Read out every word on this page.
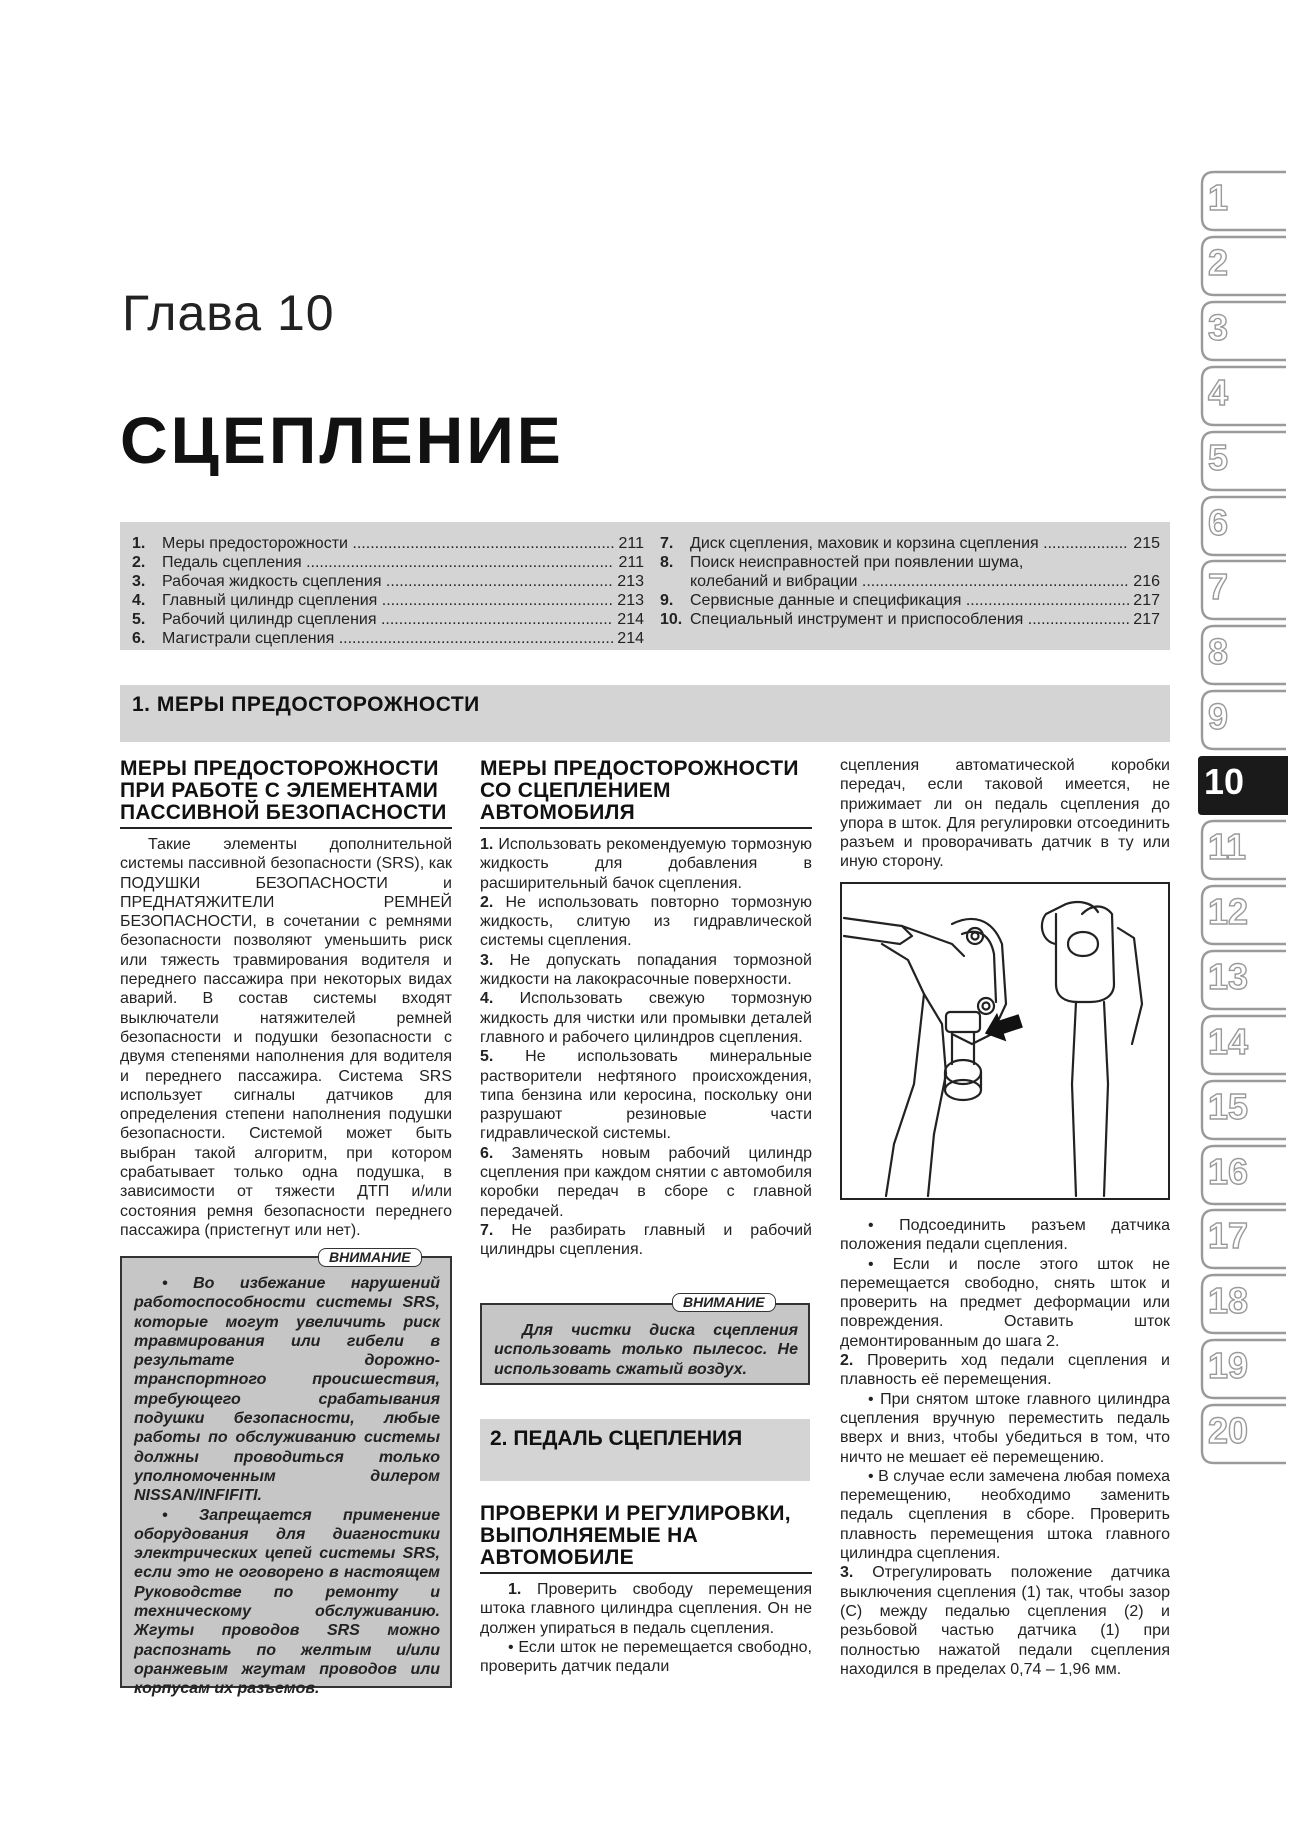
Глава 10
СЦЕПЛЕНИЕ
1.	Меры предосторожности .....	211
2.	Педаль сцепления .....	211
3.	Рабочая жидкость сцепления .....	213
4.	Главный цилиндр сцепления .....	213
5.	Рабочий цилиндр сцепления .....	214
6.	Магистрали сцепления .....	214
7.	Диск сцепления, маховик и корзина сцепления .....	215
8.	Поиск неисправностей при появлении шума,
колебаний и вибрации .....	216
9.	Сервисные данные и спецификация .....	217
10. Специальный инструмент и приспособления .....	217
1. МЕРЫ ПРЕДОСТОРОЖНОСТИ
МЕРЫ ПРЕДОСТОРОЖНОСТИ ПРИ РАБОТЕ С ЭЛЕМЕНТАМИ ПАССИВНОЙ БЕЗОПАСНОСТИ

Такие элементы дополнительной системы пассивной безопасности (SRS), как ПОДУШКИ БЕЗОПАСНОСТИ и ПРЕДНАТЯЖИТЕЛИ РЕМНЕЙ БЕЗОПАСНОСТИ, в сочетании с ремнями безопасности позволяют уменьшить риск или тяжесть травмирования водителя и переднего пассажира при некоторых видах аварий. В состав системы входят выключатели натяжителей ремней безопасности и подушки безопасности с двумя степенями наполнения для водителя и переднего пассажира. Система SRS использует сигналы датчиков для определения степени наполнения подушки безопасности. Системой может быть выбран такой алгоритм, при котором срабатывает только одна подушка, в зависимости от тяжести ДТП и/или состояния ремня безопасности переднего пассажира (пристегнут или нет).

ВНИМАНИЕ

• Во избежание нарушений работоспособности системы SRS, которые могут увеличить риск травмирования или гибели в результате дорожно-транспортного происшествия, требующего срабатывания подушки безопасности, любые работы по обслуживанию системы должны проводиться только уполномоченным дилером NISSAN/INFIFITI.

• Запрещается применение оборудования для диагностики электрических цепей системы SRS, если это не оговорено в настоящем Руководстве по ремонту и техническому обслуживанию. Жгуты проводов SRS можно распознать по желтым и/или оранжевым жгутам проводов или корпусам их разъемов.

МЕРЫ ПРЕДОСТОРОЖНОСТИ СО СЦЕПЛЕНИЕМ АВТОМОБИЛЯ

1. Использовать рекомендуемую тормозную жидкость для добавления в расширительный бачок сцепления.

2. Не использовать повторно тормозную жидкость, слитую из гидравлической системы сцепления.

3. Не допускать попадания тормозной жидкости на лакокрасочные поверхности.

4. Использовать свежую тормозную жидкость для чистки или промывки деталей главного и рабочего цилиндров сцепления.

5. Не использовать минеральные растворители нефтяного происхождения, типа бензина или керосина, поскольку они разрушают резиновые части гидравлической системы.

6. Заменять новым рабочий цилиндр сцепления при каждом снятии с автомобиля коробки передач в сборе с главной передачей.

7. Не разбирать главный и рабочий цилиндры сцепления.

ВНИМАНИЕ

Для чистки диска сцепления использовать только пылесос. Не использовать сжатый воздух.

2. ПЕДАЛЬ СЦЕПЛЕНИЯ
ПРОВЕРКИ И РЕГУЛИРОВКИ, ВЫПОЛНЯЕМЫЕ НА АВТОМОБИЛЕ

1. Проверить свободу перемещения штока главного цилиндра сцепления. Он не должен упираться в педаль сцепления.

• Если шток не перемещается свободно, проверить датчик педали

сцепления автоматической коробки передач, если таковой имеется, не прижимает ли он педаль сцепления до упора в шток. Для регулировки отсоединить разъем и проворачивать датчик в ту или иную сторону.

• Подсоединить разъем датчика положения педали сцепления.

• Если и после этого шток не перемещается свободно, снять шток и проверить на предмет деформации или повреждения. Оставить шток демонтированным до шага 2.

2. Проверить ход педали сцепления и плавность её перемещения.

• При снятом штоке главного цилиндра сцепления вручную переместить педаль вверх и вниз, чтобы убедиться в том, что ничто не мешает её перемещению.

• В случае если замечена любая помеха перемещению, необходимо заменить педаль сцепления в сборе. Проверить плавность перемещения штока главного цилиндра сцепления.

3. Отрегулировать положение датчика выключения сцепления (1) так, чтобы зазор (C) между педалью сцепления (2) и резьбовой частью датчика (1) при полностью нажатой педали сцепления находился в пределах 0,74 – 1,96 мм.

1
2
3
4
5
6
7
8
9
10
11
12
13
14
15
16
17
18
19
20
